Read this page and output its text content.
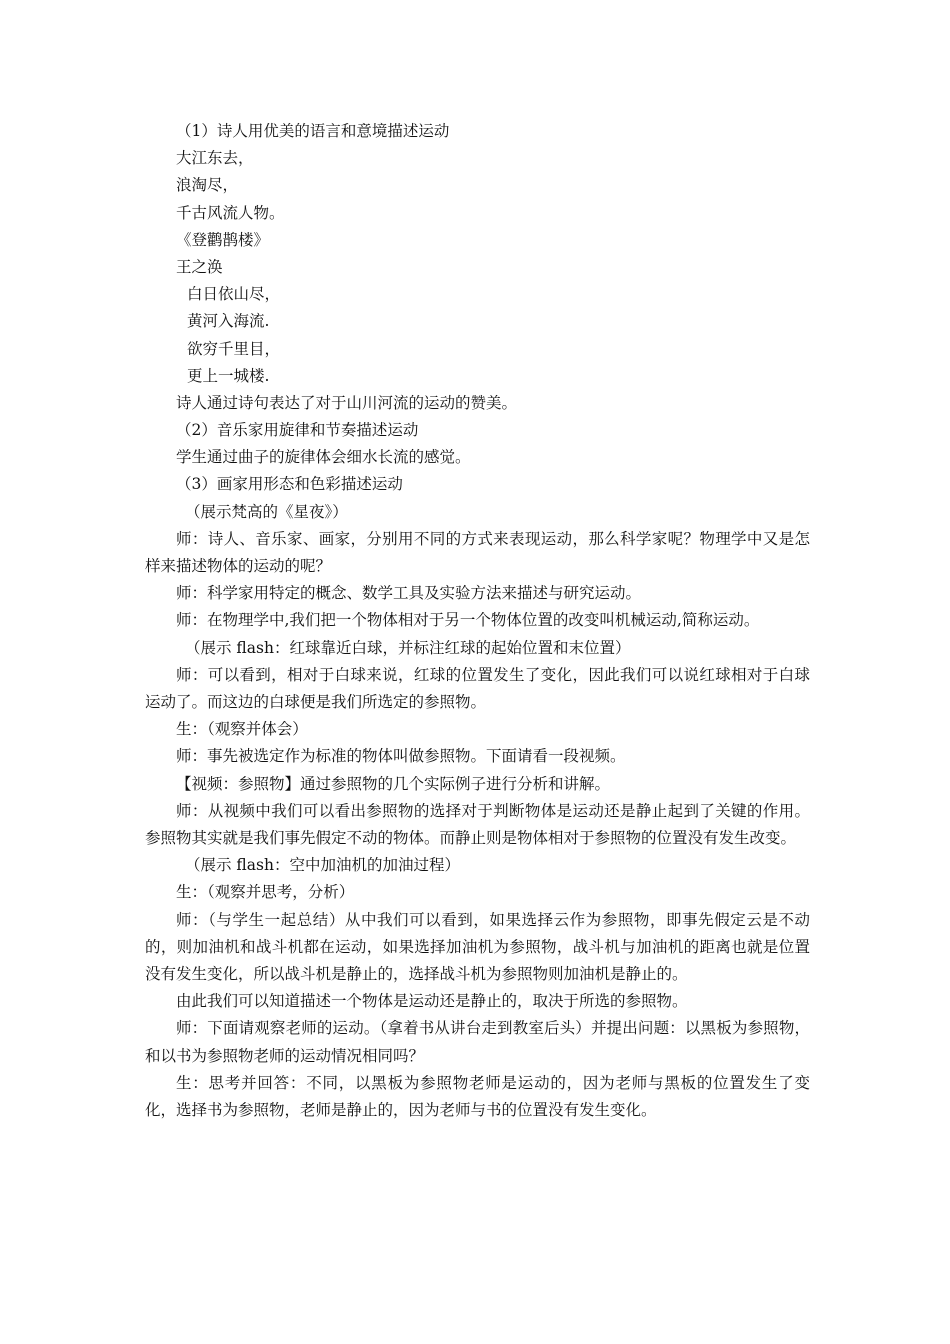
（1）诗人用优美的语言和意境描述运动
大江东去，
浪淘尽，
千古风流人物。
《登鹳鹊楼》
王之涣
白日依山尽，
黄河入海流.
欲穷千里目，
更上一城楼.
诗人通过诗句表达了对于山川河流的运动的赞美。
（2）音乐家用旋律和节奏描述运动
学生通过曲子的旋律体会细水长流的感觉。
（3）画家用形态和色彩描述运动
（展示梵高的《星夜》）
师：诗人、音乐家、画家，分别用不同的方式来表现运动，那么科学家呢？物理学中又是怎样来描述物体的运动的呢？
师：科学家用特定的概念、数学工具及实验方法来描述与研究运动。
师：在物理学中,我们把一个物体相对于另一个物体位置的改变叫机械运动,简称运动。
（展示 flash：红球靠近白球，并标注红球的起始位置和末位置）
师：可以看到，相对于白球来说，红球的位置发生了变化，因此我们可以说红球相对于白球运动了。而这边的白球便是我们所选定的参照物。
生：（观察并体会）
师：事先被选定作为标准的物体叫做参照物。下面请看一段视频。
【视频：参照物】通过参照物的几个实际例子进行分析和讲解。
师：从视频中我们可以看出参照物的选择对于判断物体是运动还是静止起到了关键的作用。参照物其实就是我们事先假定不动的物体。而静止则是物体相对于参照物的位置没有发生改变。
（展示 flash：空中加油机的加油过程）
生：（观察并思考，分析）
师：（与学生一起总结）从中我们可以看到，如果选择云作为参照物，即事先假定云是不动的，则加油机和战斗机都在运动，如果选择加油机为参照物，战斗机与加油机的距离也就是位置没有发生变化，所以战斗机是静止的，选择战斗机为参照物则加油机是静止的。
由此我们可以知道描述一个物体是运动还是静止的，取决于所选的参照物。
师：下面请观察老师的运动。（拿着书从讲台走到教室后头）并提出问题：以黑板为参照物，和以书为参照物老师的运动情况相同吗？
生：思考并回答：不同，以黑板为参照物老师是运动的，因为老师与黑板的位置发生了变化，选择书为参照物，老师是静止的，因为老师与书的位置没有发生变化。
